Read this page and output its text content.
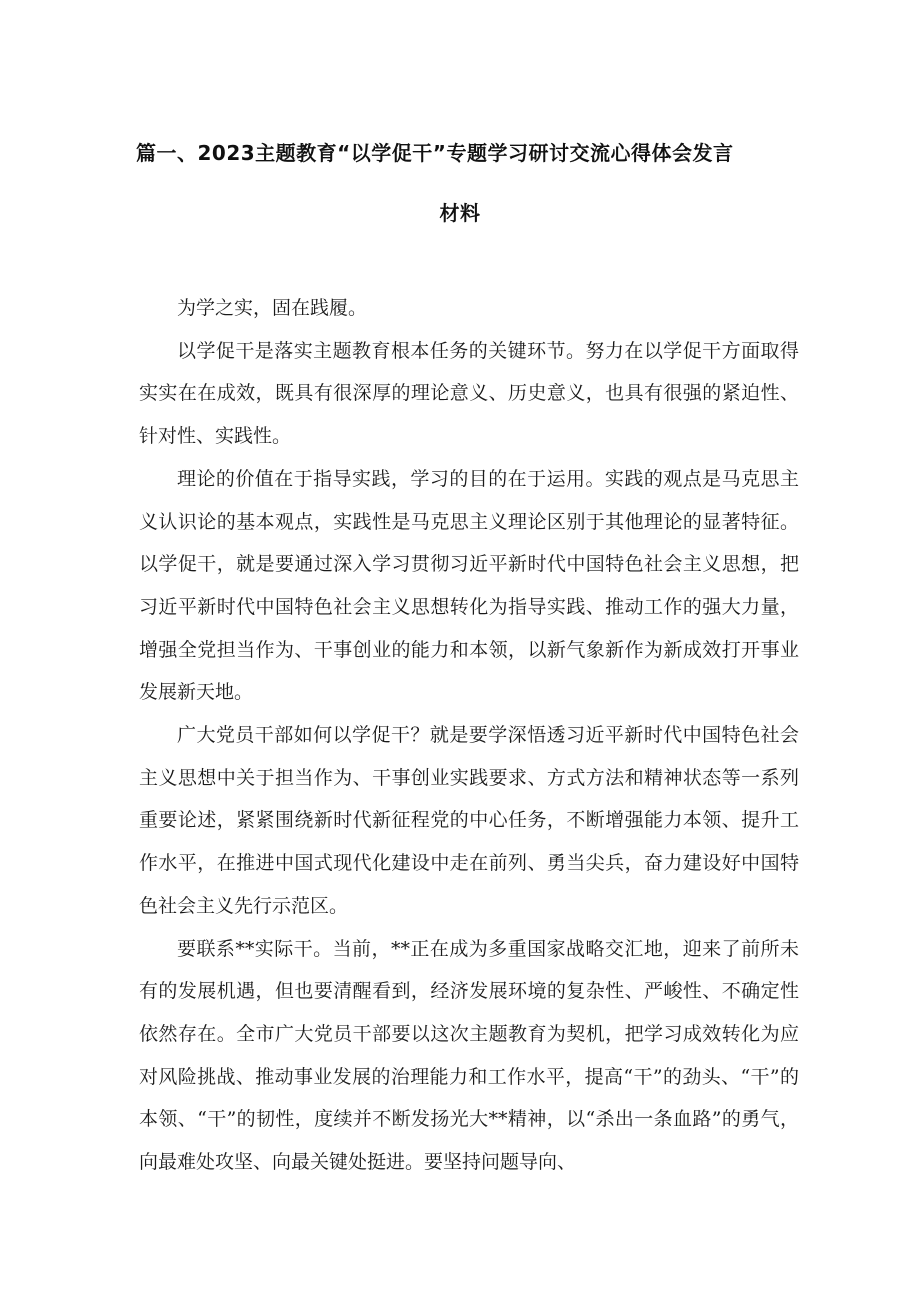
篇一、2023主题教育“以学促干”专题学习研讨交流心得体会发言
材料

为学之实，固在践履。

以学促干是落实主题教育根本任务的关键环节。努力在以学促干方面取得实实在在成效，既具有很深厚的理论意义、历史意义，也具有很强的紧迫性、针对性、实践性。

理论的价值在于指导实践，学习的目的在于运用。实践的观点是马克思主义认识论的基本观点，实践性是马克思主义理论区别于其他理论的显著特征。以学促干，就是要通过深入学习贯彻习近平新时代中国特色社会主义思想，把习近平新时代中国特色社会主义思想转化为指导实践、推动工作的强大力量，增强全党担当作为、干事创业的能力和本领，以新气象新作为新成效打开事业发展新天地。

广大党员干部如何以学促干？就是要学深悟透习近平新时代中国特色社会主义思想中关于担当作为、干事创业实践要求、方式方法和精神状态等一系列重要论述，紧紧围绕新时代新征程党的中心任务，不断增强能力本领、提升工作水平，在推进中国式现代化建设中走在前列、勇当尖兵，奋力建设好中国特色社会主义先行示范区。

要联系**实际干。当前，**正在成为多重国家战略交汇地，迎来了前所未有的发展机遇，但也要清醒看到，经济发展环境的复杂性、严峻性、不确定性依然存在。全市广大党员干部要以这次主题教育为契机，把学习成效转化为应对风险挑战、推动事业发展的治理能力和工作水平，提高“干”的劲头、“干”的本领、“干”的韧性，度续并不断发扬光大**精神，以“杀出一条血路”的勇气，向最难处攻坚、向最关键处挺进。要坚持问题导向、
